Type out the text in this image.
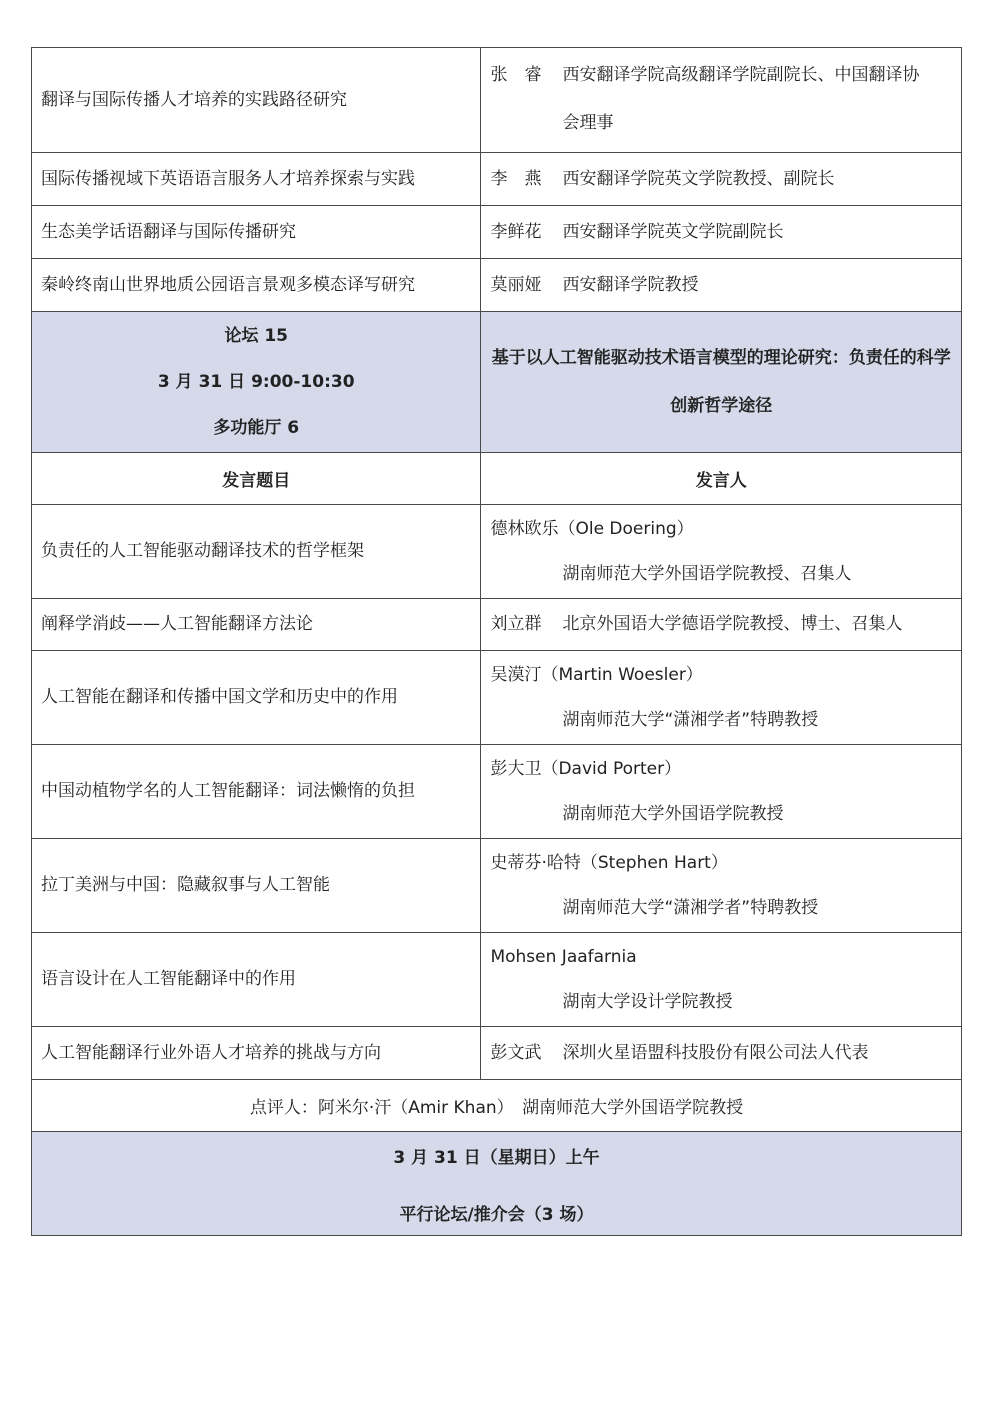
翻译与国际传播人才培养的实践路径研究	张　睿 西安翻译学院高级翻译学院副院长、中国翻译协
会理事

国际传播视域下英语语言服务人才培养探索与实践	李　燕 西安翻译学院英文学院教授、副院长
生态美学话语翻译与国际传播研究	李鲜花 西安翻译学院英文学院副院长
秦岭终南山世界地质公园语言景观多模态译写研究	莫丽娅 西安翻译学院教授

论坛 15
3 月 31 日 9:00-10:30
多功能厅 6	基于以人工智能驱动技术语言模型的理论研究：负责任的科学创新哲学途径
发言题目	发言人
负责任的人工智能驱动翻译技术的哲学框架	德林欧乐（Ole Doering）
湖南师范大学外国语学院教授、召集人

阐释学消歧——人工智能翻译方法论	刘立群 北京外国语大学德语学院教授、博士、召集人
人工智能在翻译和传播中国文学和历史中的作用	吴漠汀（Martin Woesler）
湖南师范大学“潇湘学者”特聘教授

中国动植物学名的人工智能翻译：词法懒惰的负担	彭大卫（David Porter）
湖南师范大学外国语学院教授

拉丁美洲与中国：隐藏叙事与人工智能	史蒂芬·哈特（Stephen Hart）
湖南师范大学“潇湘学者”特聘教授

语言设计在人工智能翻译中的作用	Mohsen Jaafarnia
湖南大学设计学院教授

人工智能翻译行业外语人才培养的挑战与方向	彭文武 深圳火星语盟科技股份有限公司法人代表
点评人：阿米尔·汗（Amir Khan）　湖南师范大学外国语学院教授	

3 月 31 日（星期日）上午
平行论坛/推介会（3 场）	
